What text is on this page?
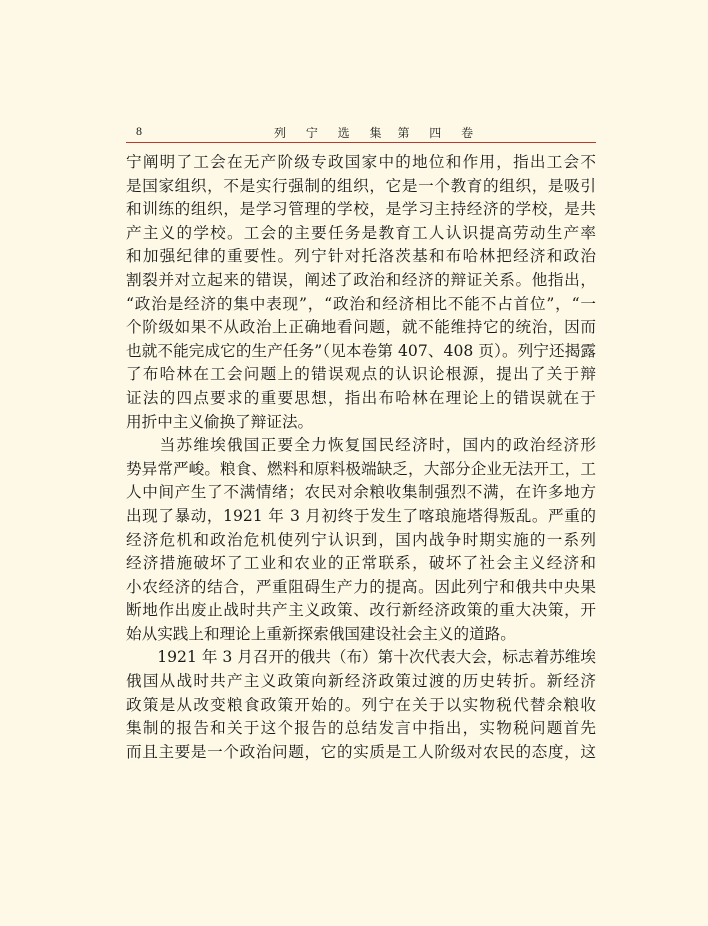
8	列 宁 选 集 第 四 卷
宁阐明了工会在无产阶级专政国家中的地位和作用，指出工会不
是国家组织，不是实行强制的组织，它是一个教育的组织，是吸引
和训练的组织，是学习管理的学校，是学习主持经济的学校，是共
产主义的学校。工会的主要任务是教育工人认识提高劳动生产率
和加强纪律的重要性。列宁针对托洛茨基和布哈林把经济和政治
割裂并对立起来的错误，阐述了政治和经济的辩证关系。他指出，
“政治是经济的集中表现”，“政治和经济相比不能不占首位”，“一
个阶级如果不从政治上正确地看问题，就不能维持它的统治，因而
也就不能完成它的生产任务”（见本卷第 407、408 页）。列宁还揭露
了布哈林在工会问题上的错误观点的认识论根源，提出了关于辩
证法的四点要求的重要思想，指出布哈林在理论上的错误就在于
用折中主义偷换了辩证法。
　　当苏维埃俄国正要全力恢复国民经济时，国内的政治经济形
势异常严峻。粮食、燃料和原料极端缺乏，大部分企业无法开工，工
人中间产生了不满情绪；农民对余粮收集制强烈不满，在许多地方
出现了暴动，1921 年 3 月初终于发生了喀琅施塔得叛乱。严重的
经济危机和政治危机使列宁认识到，国内战争时期实施的一系列
经济措施破坏了工业和农业的正常联系，破坏了社会主义经济和
小农经济的结合，严重阻碍生产力的提高。因此列宁和俄共中央果
断地作出废止战时共产主义政策、改行新经济政策的重大决策，开
始从实践上和理论上重新探索俄国建设社会主义的道路。
　　1921 年 3 月召开的俄共（布）第十次代表大会，标志着苏维埃
俄国从战时共产主义政策向新经济政策过渡的历史转折。新经济
政策是从改变粮食政策开始的。列宁在关于以实物税代替余粮收
集制的报告和关于这个报告的总结发言中指出，实物税问题首先
而且主要是一个政治问题，它的实质是工人阶级对农民的态度，这
